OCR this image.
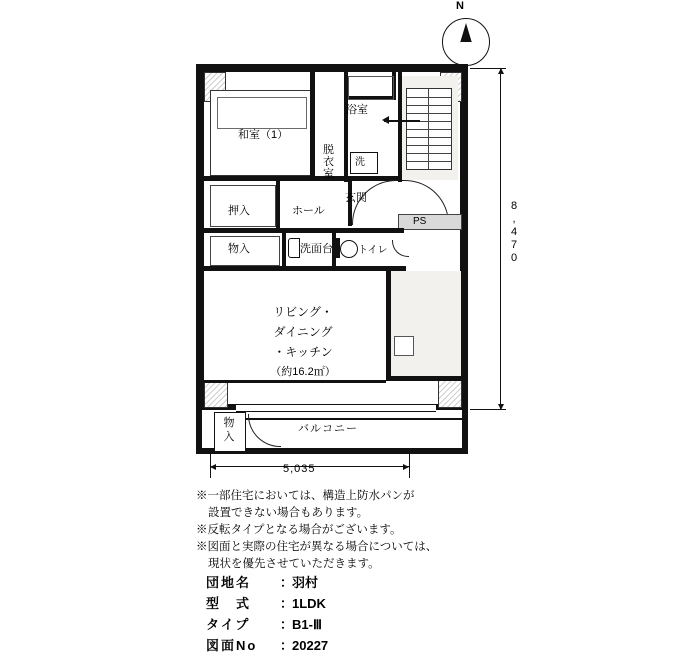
N
和室（1）
浴室
脱
衣
室
洗
押入	ホール
玄関
物入	洗面台	トイレ
PS
リビング・
ダイニング
・キッチン
（約16.2㎡）
バルコニー
物
入
8,470
5,035
※一部住宅においては、構造上防水パンが
設置できない場合もあります。
※反転タイプとなる場合がございます。
※図面と実際の住宅が異なる場合については、
現状を優先させていただきます。
団地名	：
羽村
型　式	：
1LDK
タイプ	：
B1-Ⅲ
図面No	：
20227
